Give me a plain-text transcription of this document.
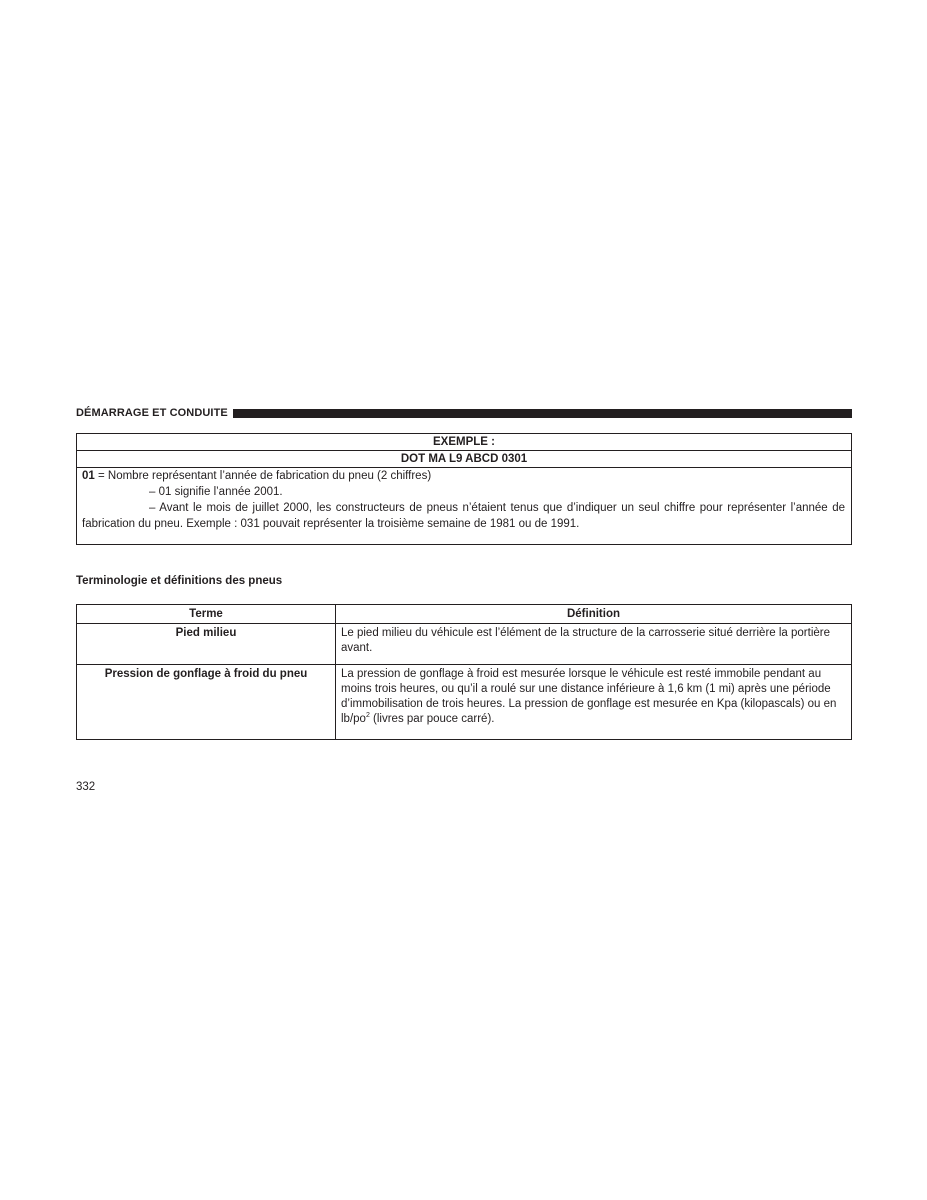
DÉMARRAGE ET CONDUITE
EXEMPLE :
DOT MA L9 ABCD 0301

01 = Nombre représentant l’année de fabrication du pneu (2 chiffres)
– 01 signifie l’année 2001.
– Avant le mois de juillet 2000, les constructeurs de pneus n’étaient tenus que d’indiquer un seul chiffre pour représenter l’année de fabrication du pneu. Exemple : 031 pouvait représenter la troisième semaine de 1981 ou de 1991.
Terminologie et définitions des pneus
Terme	Définition
Pied milieu	Le pied milieu du véhicule est l’élément de la structure de la carrosserie situé derrière la portière avant.
Pression de gonflage à froid du pneu	La pression de gonflage à froid est mesurée lorsque le véhicule est resté immobile pendant au moins trois heures, ou qu’il a roulé sur une distance inférieure à 1,6 km (1 mi) après une période d’immobilisation de trois heures. La pression de gonflage est mesurée en Kpa (kilopascals) ou en $lb/po^2$ (livres par pouce carré).
332
